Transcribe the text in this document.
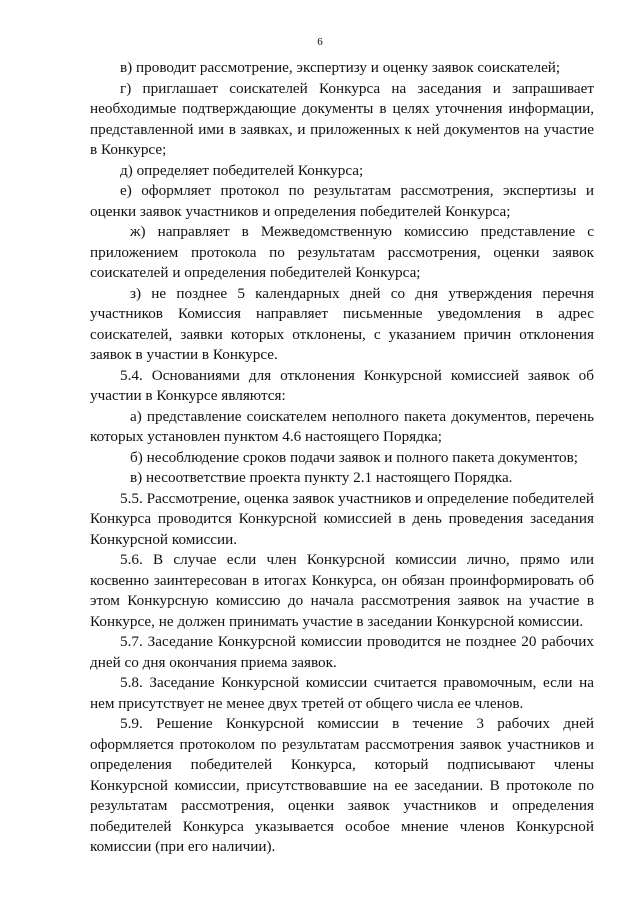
6

в) проводит рассмотрение, экспертизу и оценку заявок соискателей;

г) приглашает соискателей Конкурса на заседания и запрашивает необходимые подтверждающие документы в целях уточнения информации, представленной ими в заявках, и приложенных к ней документов на участие в Конкурсе;

д) определяет победителей Конкурса;

е) оформляет протокол по результатам рассмотрения, экспертизы и оценки заявок участников и определения победителей Конкурса;

ж) направляет в Межведомственную комиссию представление с приложением протокола по результатам рассмотрения, оценки заявок соискателей и определения победителей Конкурса;

з) не позднее 5 календарных дней со дня утверждения перечня участников Комиссия направляет письменные уведомления в адрес соискателей, заявки которых отклонены, с указанием причин отклонения заявок в участии в Конкурсе.

5.4. Основаниями для отклонения Конкурсной комиссией заявок об участии в Конкурсе являются:

а) представление соискателем неполного пакета документов, перечень которых установлен пунктом 4.6 настоящего Порядка;

б) несоблюдение сроков подачи заявок и полного пакета документов;

в) несоответствие проекта пункту 2.1 настоящего Порядка.

5.5. Рассмотрение, оценка заявок участников и определение победителей Конкурса проводится Конкурсной комиссией в день проведения заседания Конкурсной комиссии.

5.6. В случае если член Конкурсной комиссии лично, прямо или косвенно заинтересован в итогах Конкурса, он обязан проинформировать об этом Конкурсную комиссию до начала рассмотрения заявок на участие в Конкурсе, не должен принимать участие в заседании Конкурсной комиссии.

5.7. Заседание Конкурсной комиссии проводится не позднее 20 рабочих дней со дня окончания приема заявок.

5.8. Заседание Конкурсной комиссии считается правомочным, если на нем присутствует не менее двух третей от общего числа ее членов.

5.9. Решение Конкурсной комиссии в течение 3 рабочих дней оформляется протоколом по результатам рассмотрения заявок участников и определения победителей Конкурса, который подписывают члены Конкурсной комиссии, присутствовавшие на ее заседании. В протоколе по результатам рассмотрения, оценки заявок участников и определения победителей Конкурса указывается особое мнение членов Конкурсной комиссии (при его наличии).
